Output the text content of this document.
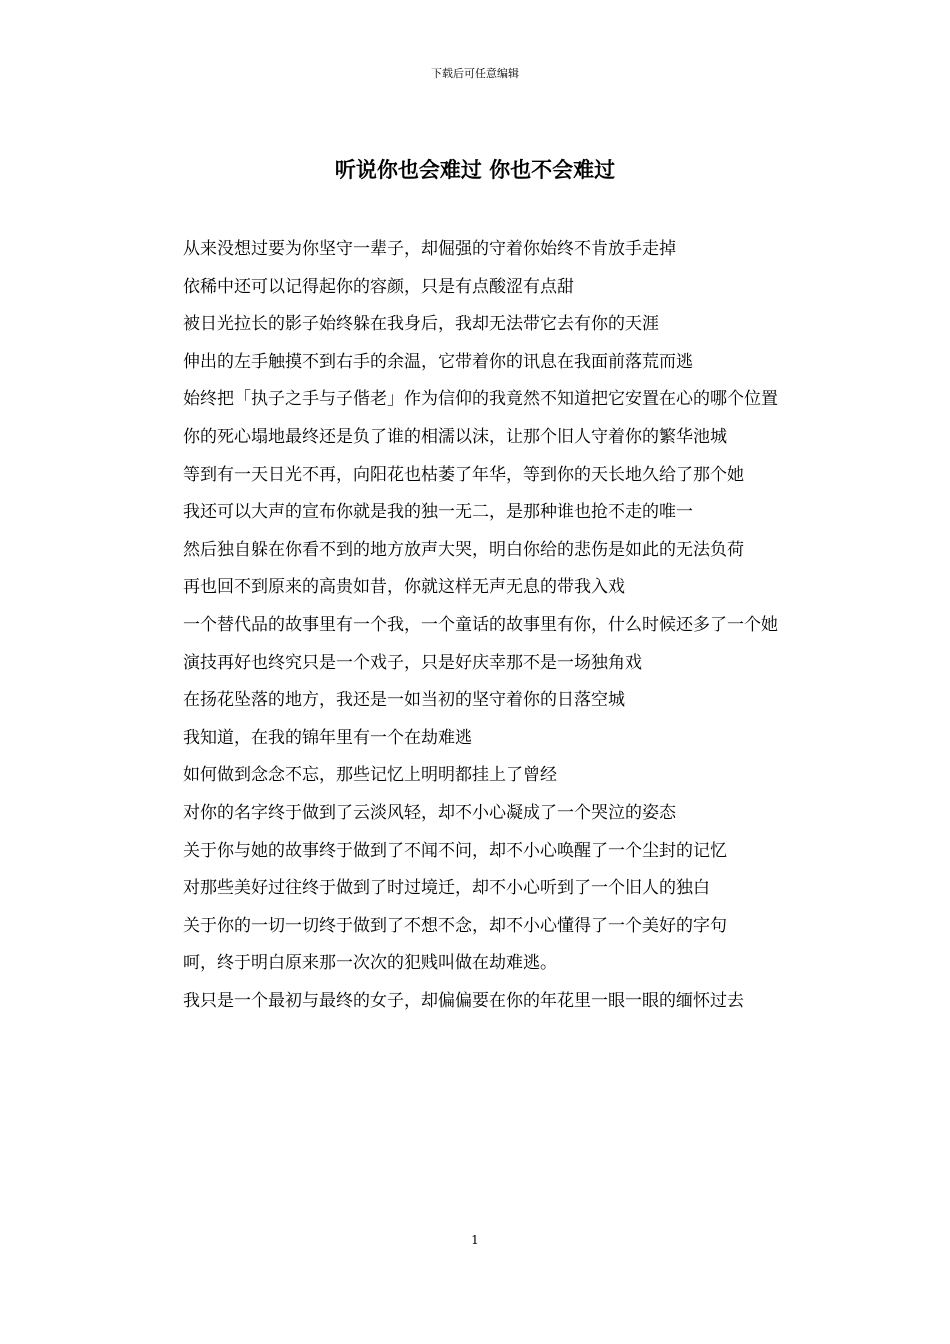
下载后可任意编辑
听说你也会难过 你也不会难过

从来没想过要为你坚守一辈子，却倔强的守着你始终不肯放手走掉

依稀中还可以记得起你的容颜，只是有点酸涩有点甜

被日光拉长的影子始终躲在我身后，我却无法带它去有你的天涯

伸出的左手触摸不到右手的余温，它带着你的讯息在我面前落荒而逃

始终把「执子之手与子偕老」作为信仰的我竟然不知道把它安置在心的哪个位置

你的死心塌地最终还是负了谁的相濡以沫，让那个旧人守着你的繁华池城

等到有一天日光不再，向阳花也枯萎了年华，等到你的天长地久给了那个她

我还可以大声的宣布你就是我的独一无二，是那种谁也抢不走的唯一

然后独自躲在你看不到的地方放声大哭，明白你给的悲伤是如此的无法负荷

再也回不到原来的高贵如昔，你就这样无声无息的带我入戏

一个替代品的故事里有一个我，一个童话的故事里有你，什么时候还多了一个她

演技再好也终究只是一个戏子，只是好庆幸那不是一场独角戏

在扬花坠落的地方，我还是一如当初的坚守着你的日落空城

我知道，在我的锦年里有一个在劫难逃

如何做到念念不忘，那些记忆上明明都挂上了曾经

对你的名字终于做到了云淡风轻，却不小心凝成了一个哭泣的姿态

关于你与她的故事终于做到了不闻不问，却不小心唤醒了一个尘封的记忆

对那些美好过往终于做到了时过境迁，却不小心听到了一个旧人的独白

关于你的一切一切终于做到了不想不念，却不小心懂得了一个美好的字句

呵，终于明白原来那一次次的犯贱叫做在劫难逃。

我只是一个最初与最终的女子，却偏偏要在你的年花里一眼一眼的缅怀过去

1
